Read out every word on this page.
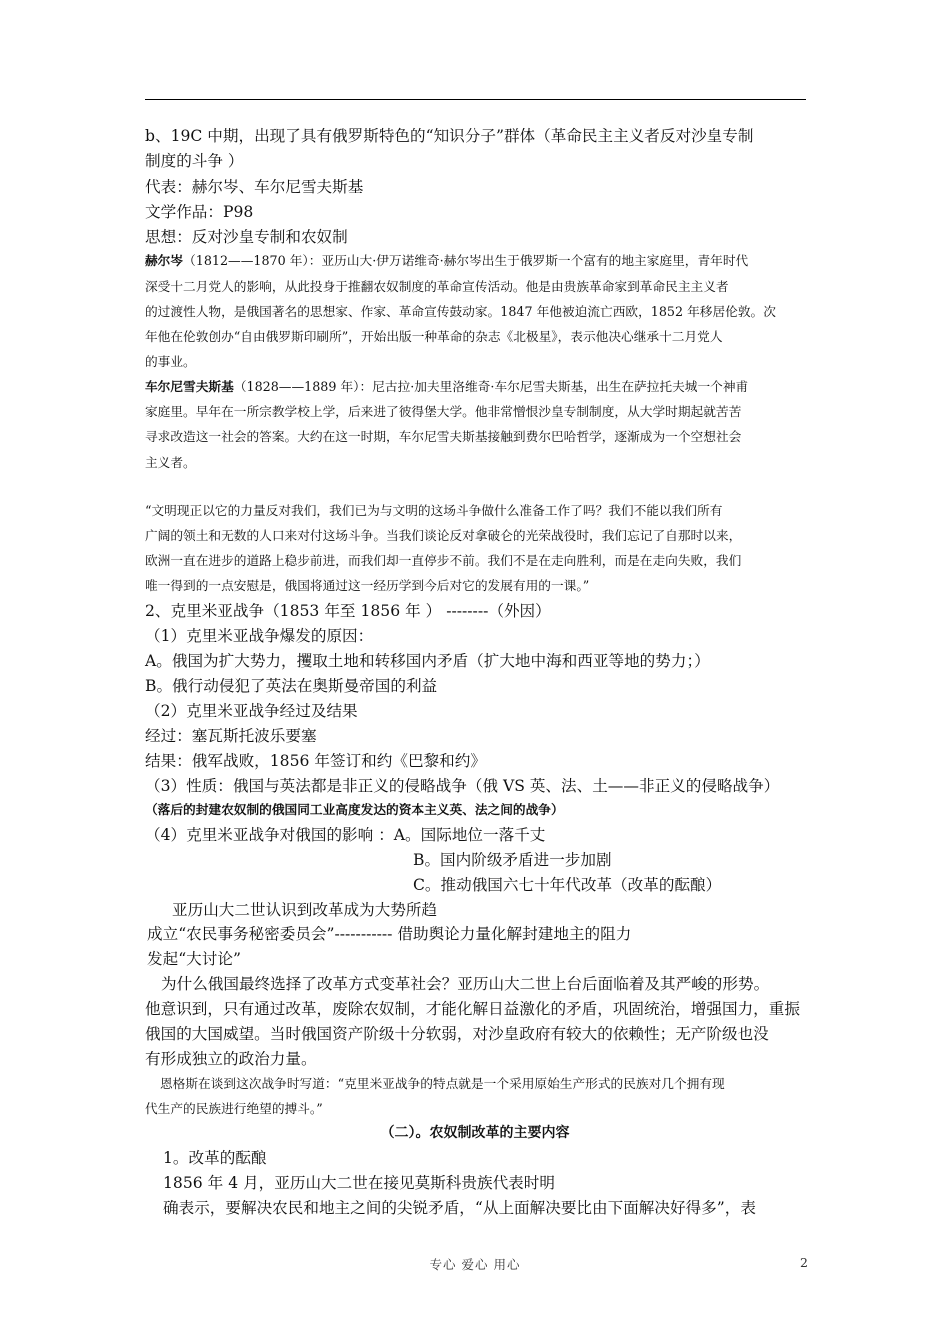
b、19C 中期，出现了具有俄罗斯特色的“知识分子”群体（革命民主主义者反对沙皇专制
制度的斗争 ）
代表：赫尔岑、车尔尼雪夫斯基
文学作品：P98
思想：反对沙皇专制和农奴制
赫尔岑（1812——1870 年）：亚历山大·伊万诺维奇·赫尔岑出生于俄罗斯一个富有的地主家庭里，青年时代
深受十二月党人的影响，从此投身于推翻农奴制度的革命宣传活动。他是由贵族革命家到革命民主主义者
的过渡性人物，是俄国著名的思想家、作家、革命宣传鼓动家。1847 年他被迫流亡西欧，1852 年移居伦敦。次
年他在伦敦创办“自由俄罗斯印刷所”，开始出版一种革命的杂志《北极星》，表示他决心继承十二月党人
的事业。
车尔尼雪夫斯基（1828——1889 年）：尼古拉·加夫里洛维奇·车尔尼雪夫斯基，出生在萨拉托夫城一个神甫
家庭里。早年在一所宗教学校上学，后来进了彼得堡大学。他非常憎恨沙皇专制制度，从大学时期起就苦苦
寻求改造这一社会的答案。大约在这一时期，车尔尼雪夫斯基接触到费尔巴哈哲学，逐渐成为一个空想社会
主义者。
“文明现正以它的力量反对我们，我们已为与文明的这场斗争做什么准备工作了吗？我们不能以我们所有
广阔的领土和无数的人口来对付这场斗争。当我们谈论反对拿破仑的光荣战役时，我们忘记了自那时以来，
欧洲一直在进步的道路上稳步前进，而我们却一直停步不前。我们不是在走向胜利，而是在走向失败，我们
唯一得到的一点安慰是，俄国将通过这一经历学到今后对它的发展有用的一课。”
2、克里米亚战争（1853 年至 1856 年 ） --------（外因）
（1）克里米亚战争爆发的原因：
A。俄国为扩大势力，攫取土地和转移国内矛盾（扩大地中海和西亚等地的势力；）
B。俄行动侵犯了英法在奥斯曼帝国的利益
（2）克里米亚战争经过及结果
经过：塞瓦斯托波乐要塞
结果：俄军战败，1856 年签订和约《巴黎和约》
（3）性质：俄国与英法都是非正义的侵略战争（俄 VS 英、法、土——非正义的侵略战争）
（落后的封建农奴制的俄国同工业高度发达的资本主义英、法之间的战争）
（4）克里米亚战争对俄国的影响 ：A。国际地位一落千丈
B。国内阶级矛盾进一步加剧
C。推动俄国六七十年代改革（改革的酝酿）
亚历山大二世认识到改革成为大势所趋
成立“农民事务秘密委员会”----------- 借助舆论力量化解封建地主的阻力
发起“大讨论”
为什么俄国最终选择了改革方式变革社会？亚历山大二世上台后面临着及其严峻的形势。
他意识到，只有通过改革，废除农奴制，才能化解日益激化的矛盾，巩固统治，增强国力，重振
俄国的大国威望。当时俄国资产阶级十分软弱，对沙皇政府有较大的依赖性；无产阶级也没
有形成独立的政治力量。
恩格斯在谈到这次战争时写道：“克里米亚战争的特点就是一个采用原始生产形式的民族对几个拥有现
代生产的民族进行绝望的搏斗。”
（二）。农奴制改革的主要内容
1。改革的酝酿
1856 年 4 月，亚历山大二世在接见莫斯科贵族代表时明
确表示，要解决农民和地主之间的尖锐矛盾，“从上面解决要比由下面解决好得多”，表
专心 爱心 用心	2
